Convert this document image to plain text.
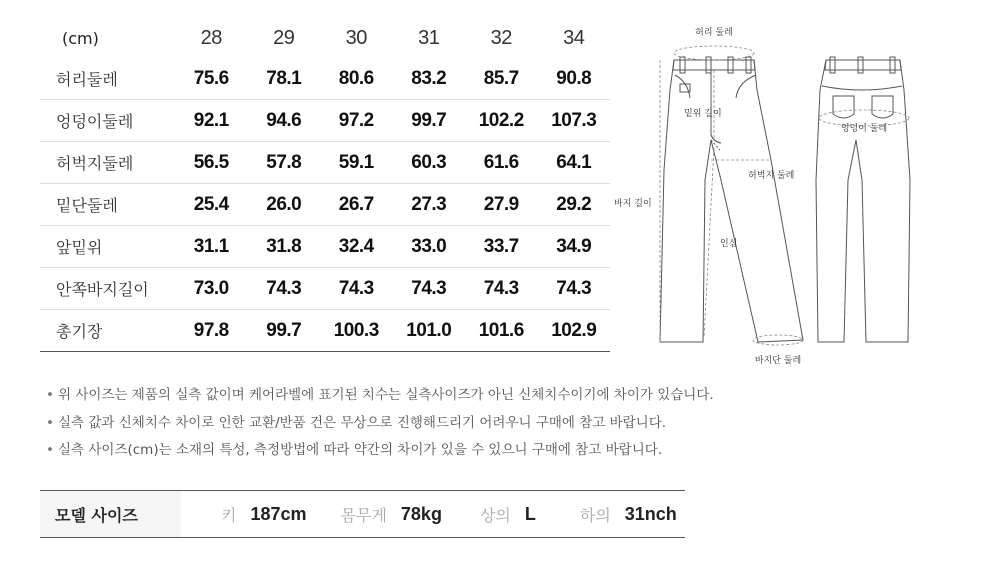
(cm)	28	29	30	31	32	34
허리둘레	75.6	78.1	80.6	83.2	85.7	90.8
엉덩이둘레	92.1	94.6	97.2	99.7	102.2	107.3
허벅지둘레	56.5	57.8	59.1	60.3	61.6	64.1
밑단둘레	25.4	26.0	26.7	27.3	27.9	29.2
앞밑위	31.1	31.8	32.4	33.0	33.7	34.9
안쪽바지길이	73.0	74.3	74.3	74.3	74.3	74.3
총기장	97.8	99.7	100.3	101.0	101.6	102.9
허리 둘레
밑위 길이
엉덩이 둘레
허벅지 둘레
바지 길이
인심
바지단 둘레
• 위 사이즈는 제품의 실측 값이며 케어라벨에 표기된 치수는 실측사이즈가 아닌 신체치수이기에 차이가 있습니다.
• 실측 값과 신체치수 차이로 인한 교환/반품 건은 무상으로 진행해드리기 어려우니 구매에 참고 바랍니다.
• 실측 사이즈(cm)는 소재의 특성, 측정방법에 따라 약간의 차이가 있을 수 있으니 구매에 참고 바랍니다.
모델 사이즈	키 187cm 몸무게 78kg 상의 L	하의 31nch
